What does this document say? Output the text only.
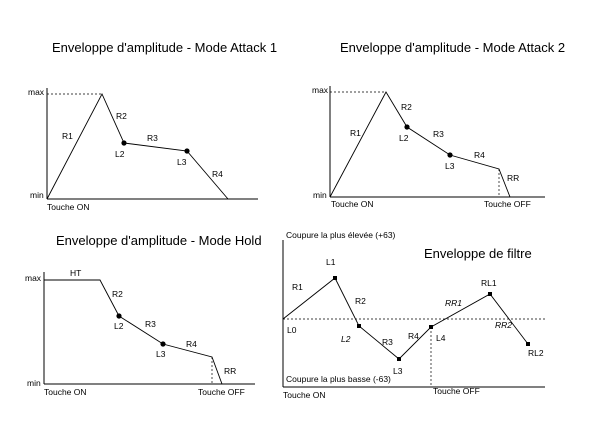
Enveloppe d'amplitude - Mode Attack 1
max
min
R1
R2
R3
R4
L2
L3
Touche ON
Enveloppe d'amplitude - Mode Attack 2
max
min
R1
R2
R3
R4
RR
L2
L3
Touche ON	Touche OFF
Enveloppe d'amplitude - Mode Hold
max
min
HT
R2
R3
R4
RR
L2
L3
Touche ON	Touche OFF
Enveloppe de filtre
Coupure la plus élevée (+63)
Coupure la plus basse (-63)
L0
L1
L2
L3
L4
R1
R2
R3
R4
RR1
RR2
RL1
RL2
Touche ON	Touche OFF
